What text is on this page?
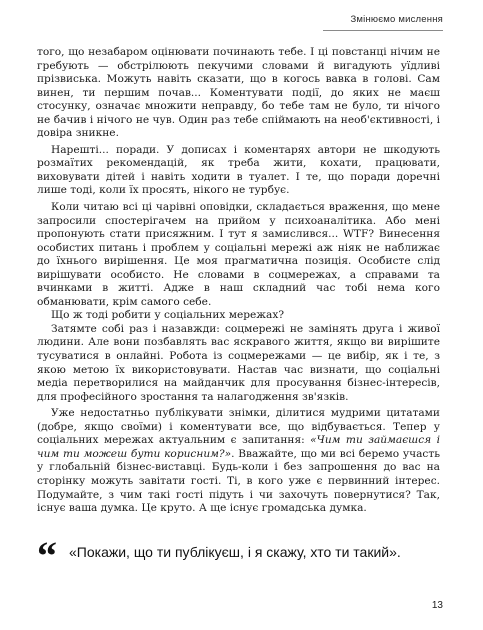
Змінюємо мислення

того, що незабаром оцінювати починають тебе. І ці повстанці нічим не гребують — обстрілюють пекучими словами й вигадують уїдливі прізвиська. Можуть навіть сказати, що в когось вавка в голові. Сам винен, ти першим почав... Коментувати події, до яких не маєш стосунку, означає множити неправду, бо тебе там не було, ти нічого не бачив і нічого не чув. Один раз тебе спіймають на необ'єктивності, і довіра зникне.

Нарешті... поради. У дописах і коментарях автори не шкодують розмаїтих рекомендацій, як треба жити, кохати, працювати, виховувати дітей і навіть ходити в туалет. І те, що поради доречні лише тоді, коли їх просять, нікого не турбує.

Коли читаю всі ці чарівні оповідки, складається враження, що мене запросили спостерігачем на прийом у психоаналітика. Або мені пропонують стати присяжним. І тут я замислився... WTF? Винесення особистих питань і проблем у соціальні мережі аж ніяк не наближає до їхнього вирішення. Це моя прагматична позиція. Особисте слід вирішувати особисто. Не словами в соцмережах, а справами та вчинками в житті. Адже в наш складний час тобі нема кого обманювати, крім самого себе.

Що ж тоді робити у соціальних мережах?

Затямте собі раз і назавжди: соцмережі не замінять друга і живої людини. Але вони позбавлять вас яскравого життя, якщо ви вирішите тусуватися в онлайні. Робота із соцмережами — це вибір, як і те, з якою метою їх використовувати. Настав час визнати, що соціальні медіа перетворилися на майданчик для просування бізнес-інтересів, для професійного зростання та налагодження зв'язків.

Уже недостатньо публікувати знімки, ділитися мудрими цитатами (добре, якщо своїми) і коментувати все, що відбувається. Тепер у соціальних мережах актуальним є запитання: «Чим ти займаєшся і чим ти можеш бути корисним?». Вважайте, що ми всі беремо участь у глобальній бізнес-виставці. Будь-коли і без запрошення до вас на сторінку можуть завітати гості. Ті, в кого уже є первинний інтерес. Подумайте, з чим такі гості підуть і чи захочуть повернутися? Так, існує ваша думка. Це круто. А ще існує громадська думка.

“ «Покажи, що ти публікуєш, і я скажу, хто ти такий».
13
